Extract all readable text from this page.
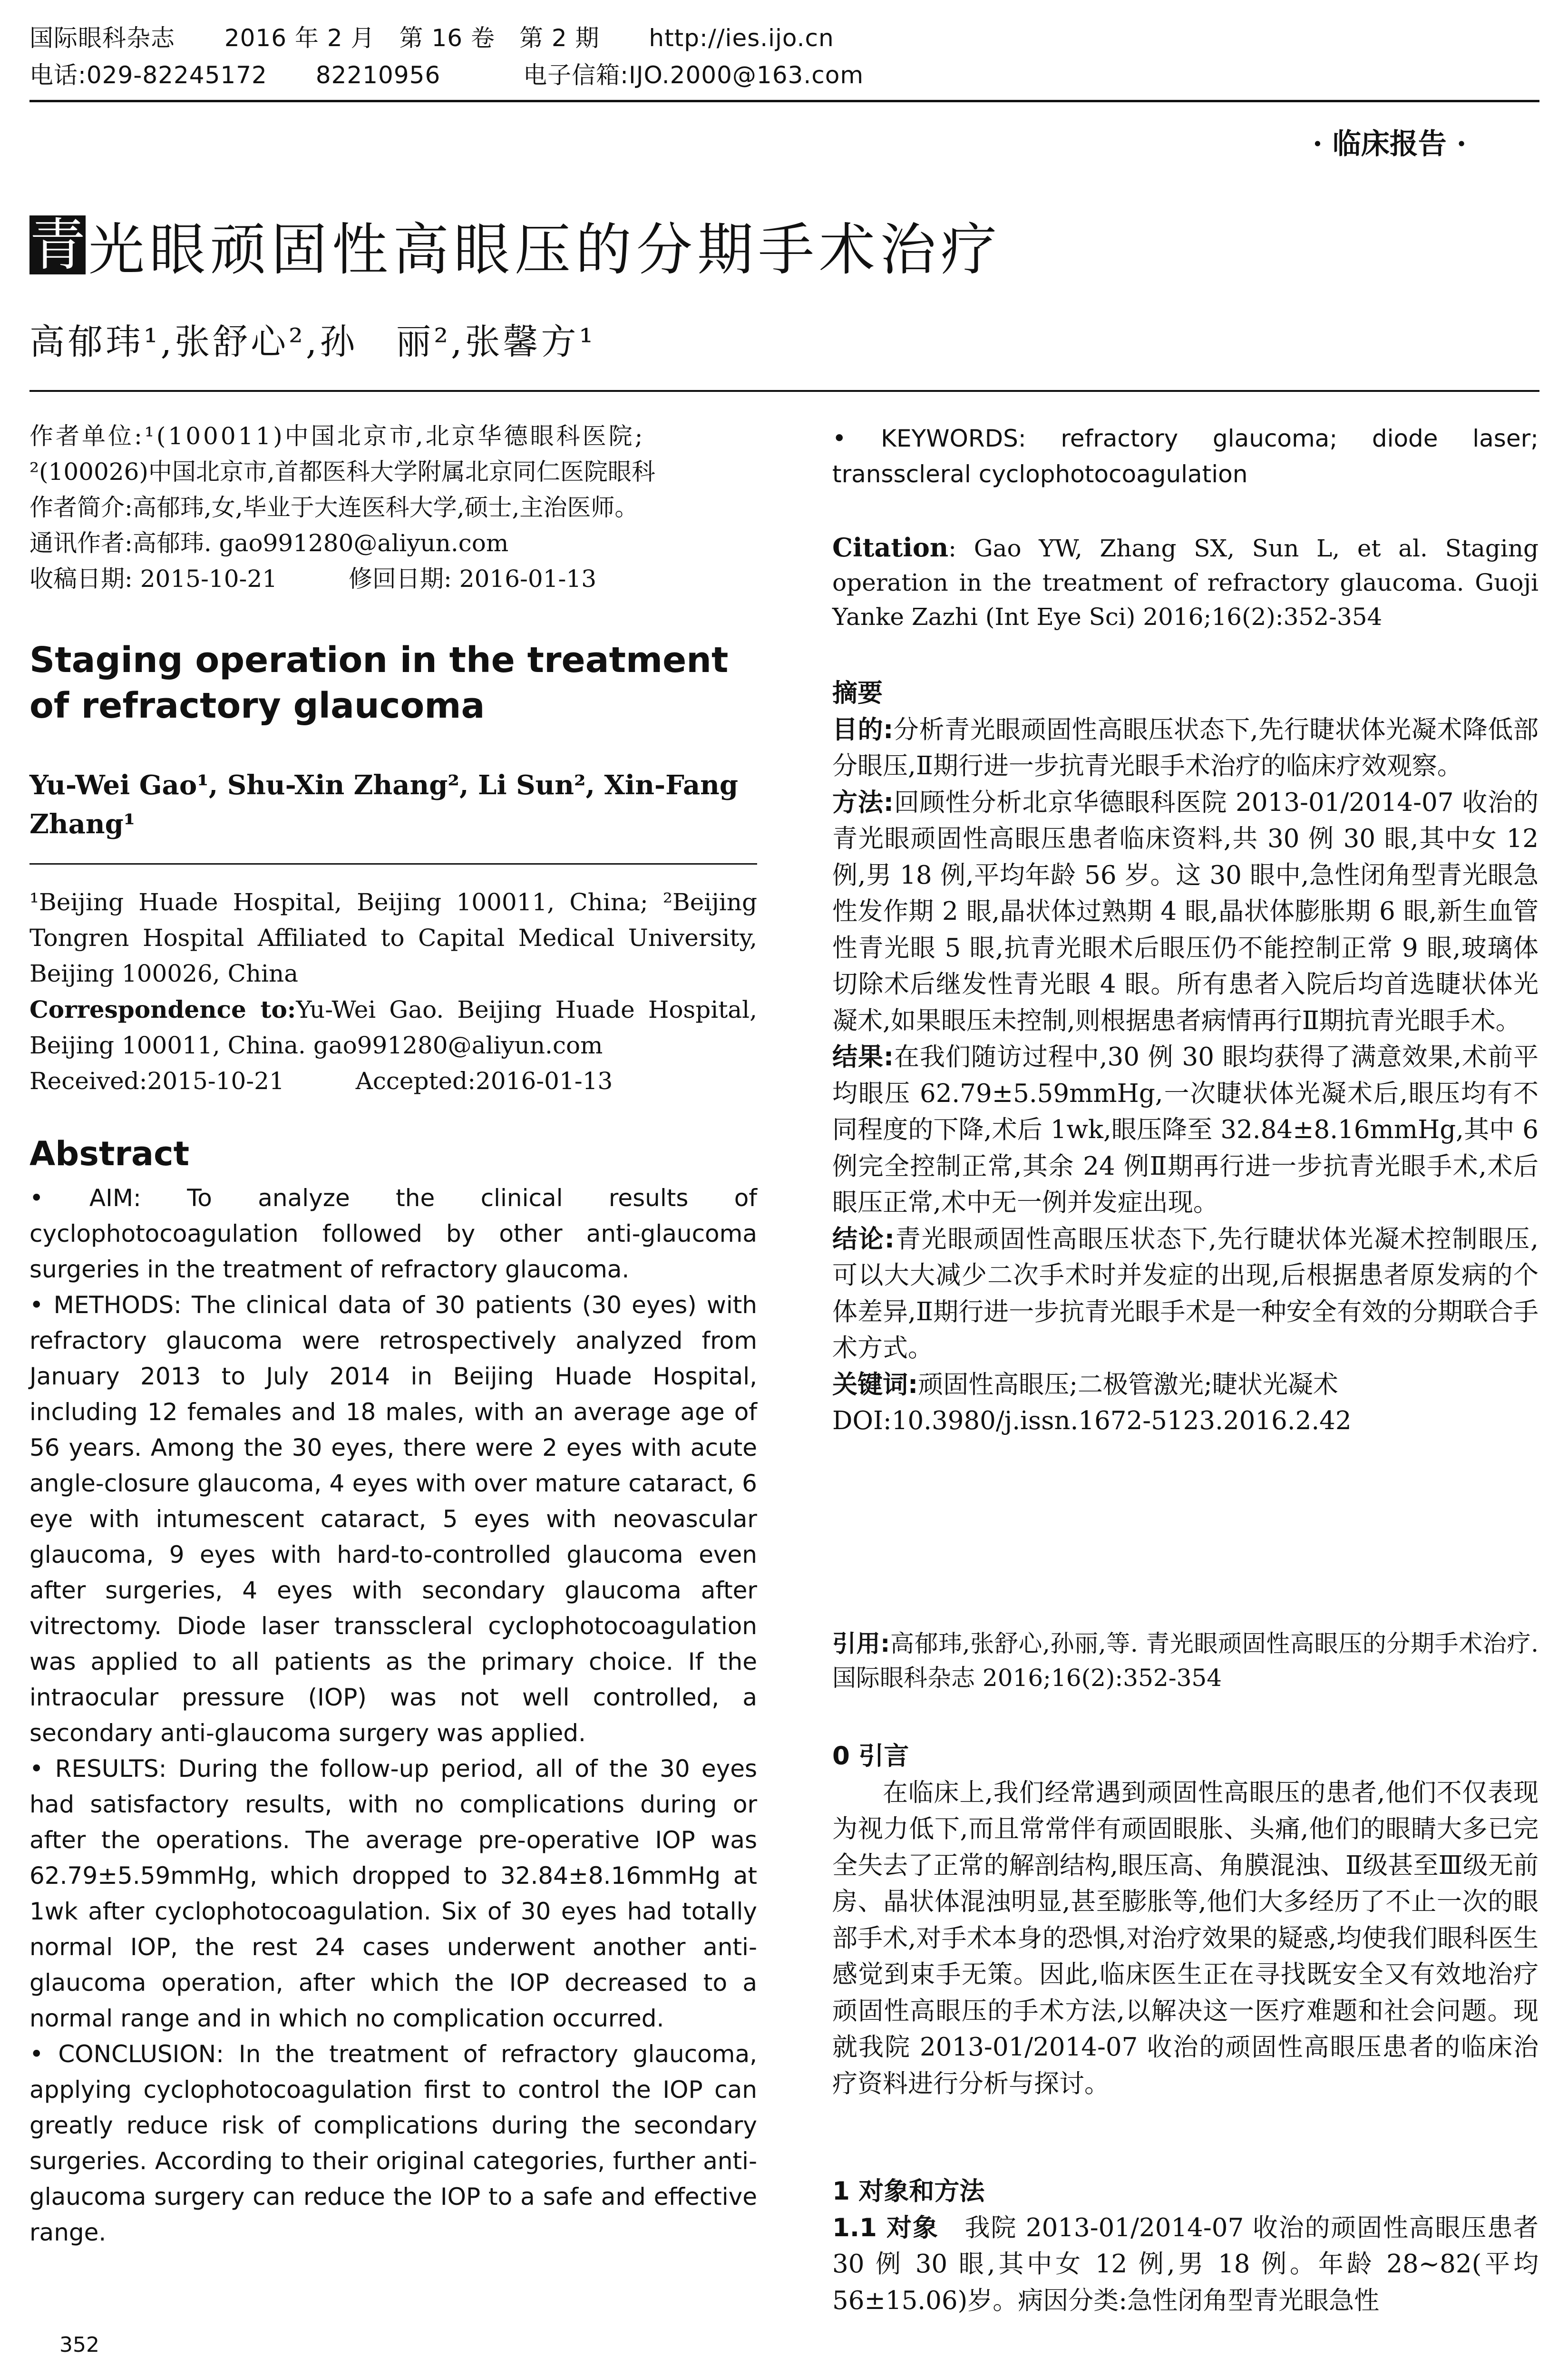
国际眼科杂志 2016 年 2 月　第 16 卷　第 2 期 http://ies.ijo.cn
电话:029-82245172　　82210956	电子信箱:IJO.2000@163.com
· 临床报告 ·
青 光眼顽固性高眼压的分期手术治疗
高郁玮¹,张舒心²,孙　丽²,张馨方¹
作者单位:¹(100011)中国北京市,北京华德眼科医院;
²(100026)中国北京市,首都医科大学附属北京同仁医院眼科
作者简介:高郁玮,女,毕业于大连医科大学,硕士,主治医师。
通讯作者:高郁玮. gao991280@aliyun.com
收稿日期: 2015-10-21　　　修回日期: 2016-01-13
Staging operation in the treatment of refractory glaucoma
Yu-Wei Gao¹, Shu-Xin Zhang², Li Sun², Xin-Fang Zhang¹

¹Beijing Huade Hospital, Beijing 100011, China; ²Beijing Tongren Hospital Affiliated to Capital Medical University, Beijing 100026, China

Correspondence to:Yu-Wei Gao. Beijing Huade Hospital, Beijing 100011, China. gao991280@aliyun.com

Received:2015-10-21　　　Accepted:2016-01-13

Abstract

• AIM: To analyze the clinical results of cyclophotocoagulation followed by other anti-glaucoma surgeries in the treatment of refractory glaucoma.

• METHODS: The clinical data of 30 patients (30 eyes) with refractory glaucoma were retrospectively analyzed from January 2013 to July 2014 in Beijing Huade Hospital, including 12 females and 18 males, with an average age of 56 years. Among the 30 eyes, there were 2 eyes with acute angle-closure glaucoma, 4 eyes with over mature cataract, 6 eye with intumescent cataract, 5 eyes with neovascular glaucoma, 9 eyes with hard-to-controlled glaucoma even after surgeries, 4 eyes with secondary glaucoma after vitrectomy. Diode laser transscleral cyclophotocoagulation was applied to all patients as the primary choice. If the intraocular pressure (IOP) was not well controlled, a secondary anti-glaucoma surgery was applied.

• RESULTS: During the follow-up period, all of the 30 eyes had satisfactory results, with no complications during or after the operations. The average pre-operative IOP was 62.79±5.59mmHg, which dropped to 32.84±8.16mmHg at 1wk after cyclophotocoagulation. Six of 30 eyes had totally normal IOP, the rest 24 cases underwent another anti-glaucoma operation, after which the IOP decreased to a normal range and in which no complication occurred.

• CONCLUSION: In the treatment of refractory glaucoma, applying cyclophotocoagulation first to control the IOP can greatly reduce risk of complications during the secondary surgeries. According to their original categories, further anti-glaucoma surgery can reduce the IOP to a safe and effective range.

352
• KEYWORDS: refractory glaucoma; diode laser; transscleral cyclophotocoagulation
Citation: Gao YW, Zhang SX, Sun L, et al. Staging operation in the treatment of refractory glaucoma. Guoji Yanke Zazhi (Int Eye Sci) 2016;16(2):352-354

摘要

目的:分析青光眼顽固性高眼压状态下,先行睫状体光凝术降低部分眼压,Ⅱ期行进一步抗青光眼手术治疗的临床疗效观察。

方法:回顾性分析北京华德眼科医院 2013-01/2014-07 收治的青光眼顽固性高眼压患者临床资料,共 30 例 30 眼,其中女 12 例,男 18 例,平均年龄 56 岁。这 30 眼中,急性闭角型青光眼急性发作期 2 眼,晶状体过熟期 4 眼,晶状体膨胀期 6 眼,新生血管性青光眼 5 眼,抗青光眼术后眼压仍不能控制正常 9 眼,玻璃体切除术后继发性青光眼 4 眼。所有患者入院后均首选睫状体光凝术,如果眼压未控制,则根据患者病情再行Ⅱ期抗青光眼手术。

结果:在我们随访过程中,30 例 30 眼均获得了满意效果,术前平均眼压 62.79±5.59mmHg,一次睫状体光凝术后,眼压均有不同程度的下降,术后 1wk,眼压降至 32.84±8.16mmHg,其中 6 例完全控制正常,其余 24 例Ⅱ期再行进一步抗青光眼手术,术后眼压正常,术中无一例并发症出现。

结论:青光眼顽固性高眼压状态下,先行睫状体光凝术控制眼压,可以大大减少二次手术时并发症的出现,后根据患者原发病的个体差异,Ⅱ期行进一步抗青光眼手术是一种安全有效的分期联合手术方式。

关键词:顽固性高眼压;二极管激光;睫状光凝术

DOI:10.3980/j.issn.1672-5123.2016.2.42

引用:高郁玮,张舒心,孙丽,等. 青光眼顽固性高眼压的分期手术治疗. 国际眼科杂志 2016;16(2):352-354

0 引言

在临床上,我们经常遇到顽固性高眼压的患者,他们不仅表现为视力低下,而且常常伴有顽固眼胀、头痛,他们的眼睛大多已完全失去了正常的解剖结构,眼压高、角膜混浊、Ⅱ级甚至Ⅲ级无前房、晶状体混浊明显,甚至膨胀等,他们大多经历了不止一次的眼部手术,对手术本身的恐惧,对治疗效果的疑惑,均使我们眼科医生感觉到束手无策。因此,临床医生正在寻找既安全又有效地治疗顽固性高眼压的手术方法,以解决这一医疗难题和社会问题。现就我院 2013-01/2014-07 收治的顽固性高眼压患者的临床治疗资料进行分析与探讨。

1 对象和方法

1.1 对象　 我院 2013-01/2014-07 收治的顽固性高眼压患者 30 例 30 眼,其中女 12 例,男 18 例。年龄 28~82(平均 56±15.06)岁。病因分类:急性闭角型青光眼急性
